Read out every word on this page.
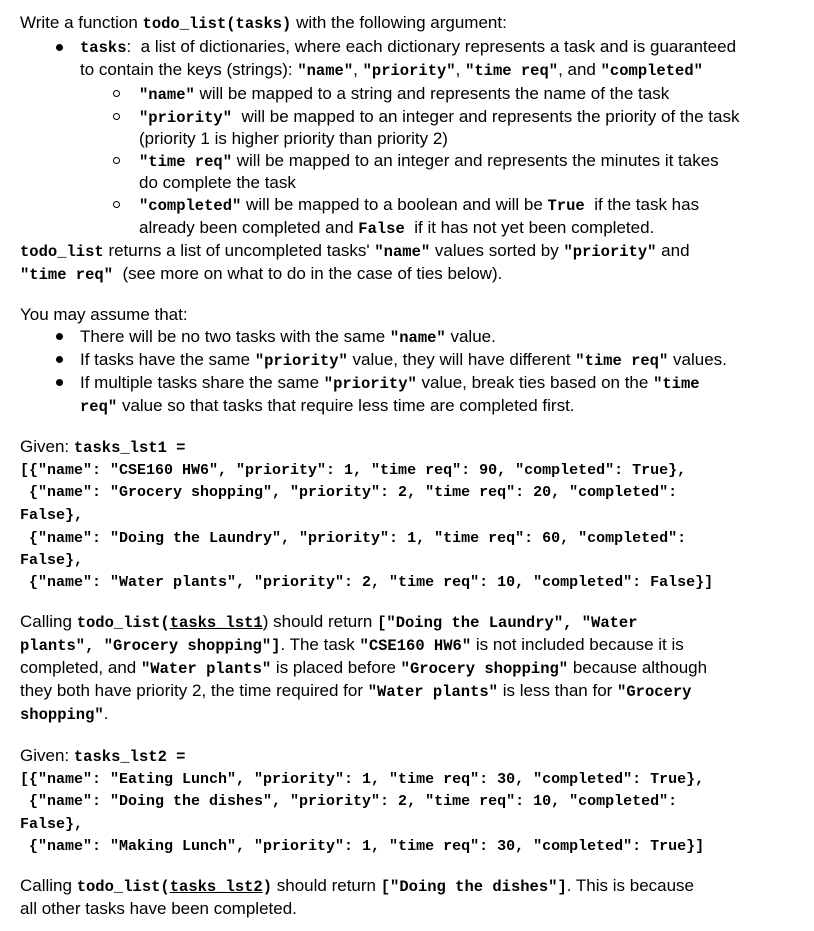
Write a function todo_list(tasks) with the following argument:
tasks:  a list of dictionaries, where each dictionary represents a task and is guaranteed
to contain the keys (strings): "name", "priority", "time req", and "completed"
"name" will be mapped to a string and represents the name of the task
"priority"  will be mapped to an integer and represents the priority of the task
(priority 1 is higher priority than priority 2)
"time req" will be mapped to an integer and represents the minutes it takes
do complete the task
"completed" will be mapped to a boolean and will be True  if the task has
already been completed and False  if it has not yet been completed.
todo_list returns a list of uncompleted tasks' "name" values sorted by "priority" and
"time req"  (see more on what to do in the case of ties below).
You may assume that:
There will be no two tasks with the same "name" value.
If tasks have the same "priority" value, they will have different "time req" values.
If multiple tasks share the same "priority" value, break ties based on the "time
req" value so that tasks that require less time are completed first.
Given: tasks_lst1 =
[{"name": "CSE160 HW6", "priority": 1, "time req": 90, "completed": True},
{"name": "Grocery shopping", "priority": 2, "time req": 20, "completed":
False},
{"name": "Doing the Laundry", "priority": 1, "time req": 60, "completed":
False},
{"name": "Water plants", "priority": 2, "time req": 10, "completed": False}]
Calling todo_list(tasks_lst1) should return ["Doing the Laundry", "Water
plants", "Grocery shopping"]. The task "CSE160 HW6" is not included because it is
completed, and "Water plants" is placed before "Grocery shopping" because although
they both have priority 2, the time required for "Water plants" is less than for "Grocery
shopping".
Given: tasks_lst2 =
[{"name": "Eating Lunch", "priority": 1, "time req": 30, "completed": True},
{"name": "Doing the dishes", "priority": 2, "time req": 10, "completed":
False},
{"name": "Making Lunch", "priority": 1, "time req": 30, "completed": True}]
Calling todo_list(tasks_lst2) should return ["Doing the dishes"]. This is because
all other tasks have been completed.
